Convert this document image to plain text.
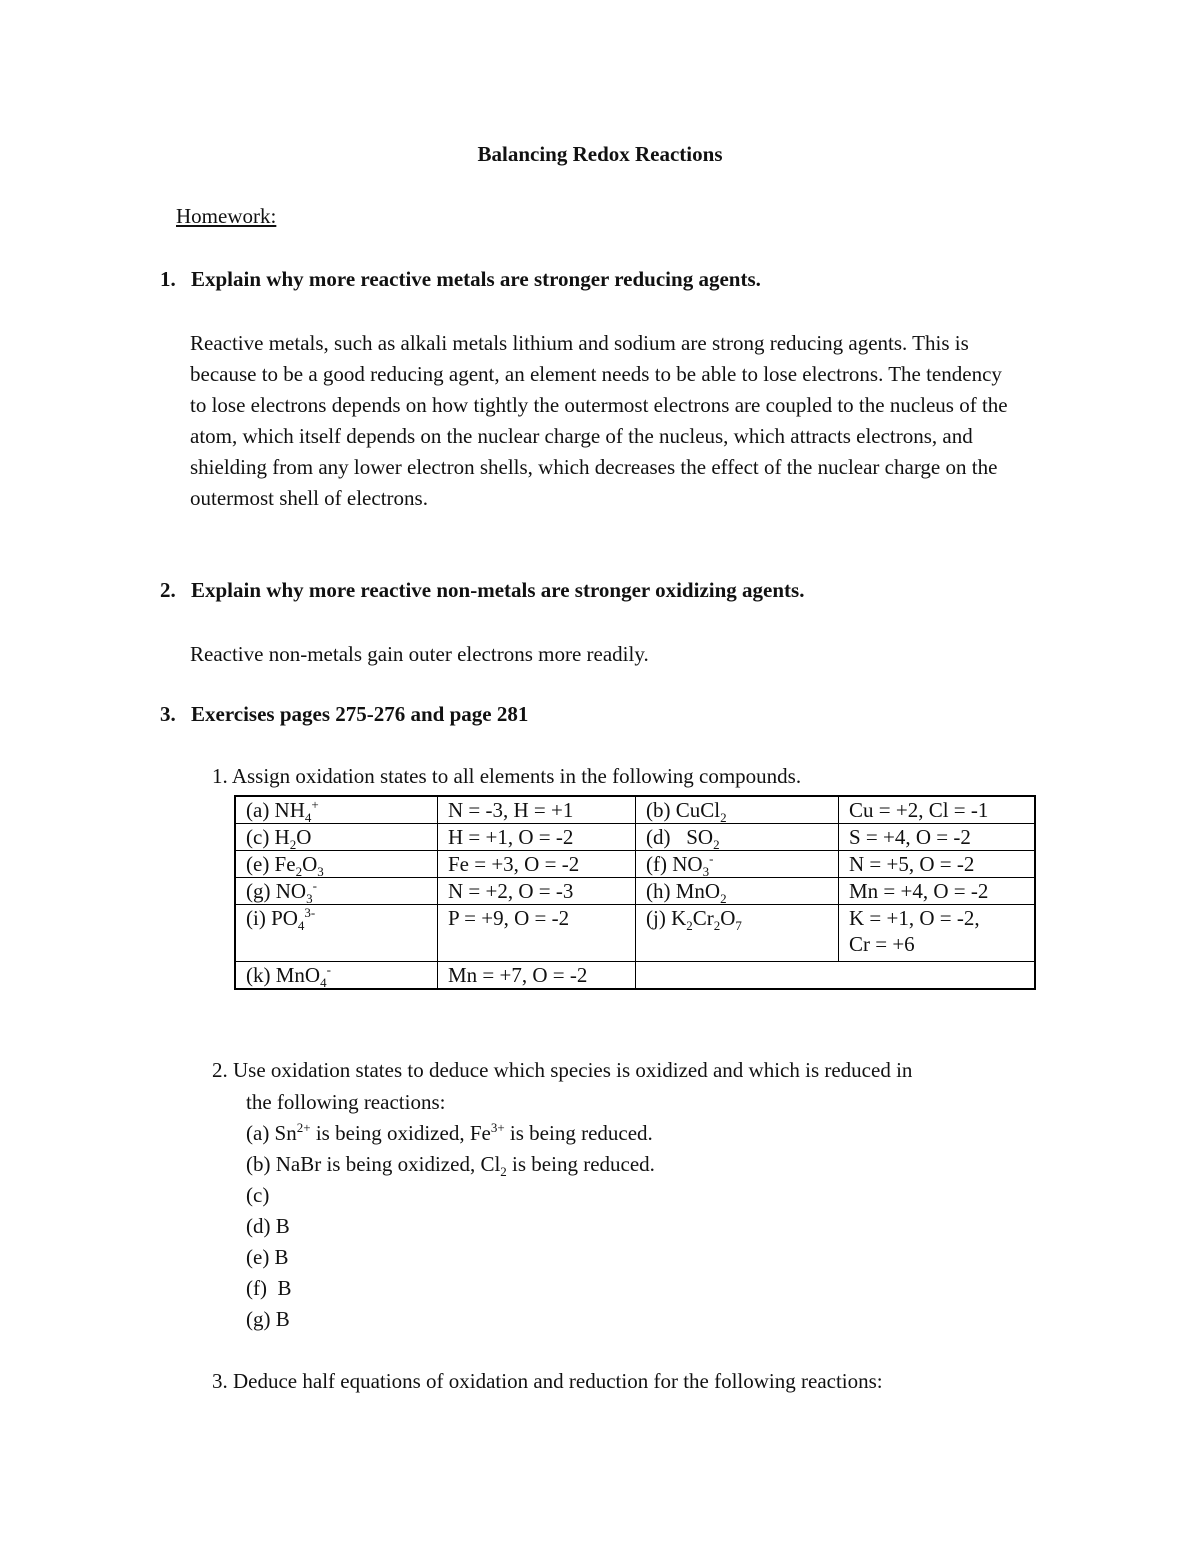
Balancing Redox Reactions
Homework:
1. Explain why more reactive metals are stronger reducing agents.
Reactive metals, such as alkali metals lithium and sodium are strong reducing agents. This is because to be a good reducing agent, an element needs to be able to lose electrons. The tendency to lose electrons depends on how tightly the outermost electrons are coupled to the nucleus of the atom, which itself depends on the nuclear charge of the nucleus, which attracts electrons, and shielding from any lower electron shells, which decreases the effect of the nuclear charge on the outermost shell of electrons.
2. Explain why more reactive non-metals are stronger oxidizing agents.
Reactive non-metals gain outer electrons more readily.
3. Exercises pages 275-276 and page 281
1. Assign oxidation states to all elements in the following compounds.
(a) $NH_4^+$	N = -3, H = +1	(b) CuCl$_2$	Cu = +2, Cl = -1
(c) $H_2O$	H = +1, O = -2	(d)   $SO_2$	S = +4, O = -2
(e) $Fe_2O_3$	Fe = +3, O = -2	(f) $NO_3^-$	N = +5, O = -2
(g) $NO_3^-$	N = +2, O = -3	(h) MnO$_2$	Mn = +4, O = -2
(i) $PO_4^{3-}$	P = +9, O = -2	(j) $K_2Cr_2O_7$	K = +1, O = -2,
Cr = +6
(k) MnO$_4$-	Mn = +7, O = -2		
2. Use oxidation states to deduce which species is oxidized and which is reduced in
the following reactions:
(a) $Sn^{2+}$ is being oxidized, $Fe^{3+}$ is being reduced.
(b) NaBr is being oxidized, $Cl_2$ is being reduced.
(c)
(d) B
(e) B
(f)  B
(g) B
3. Deduce half equations of oxidation and reduction for the following reactions:
